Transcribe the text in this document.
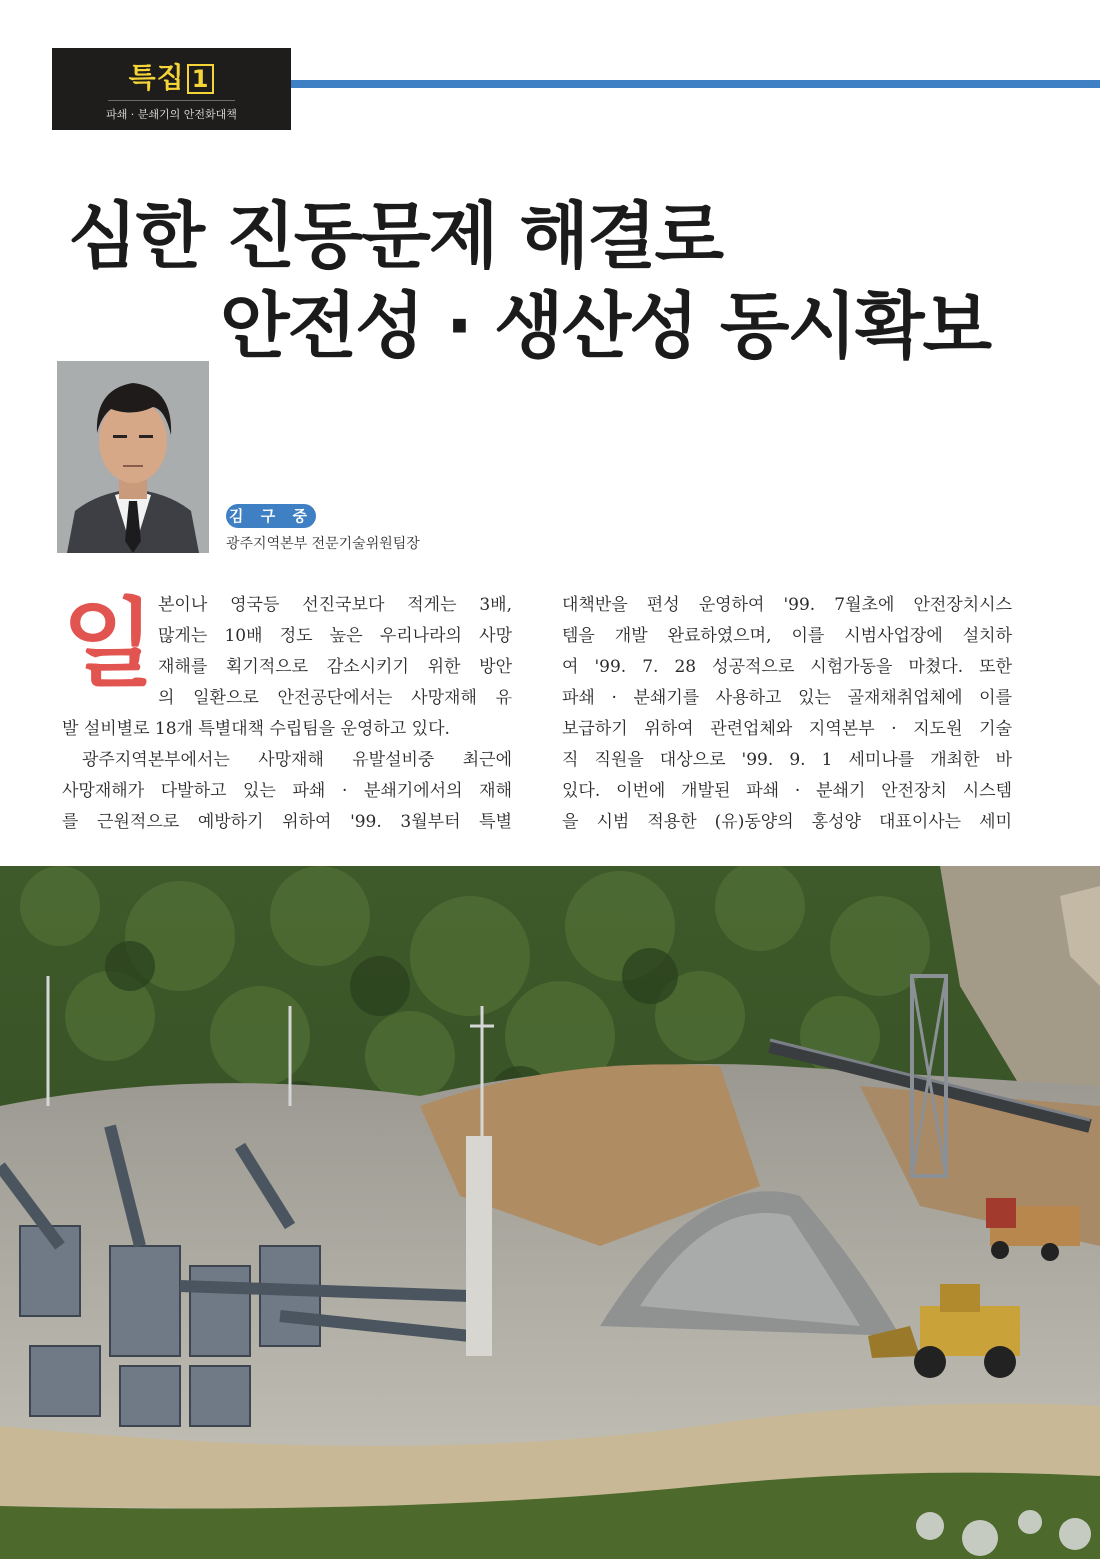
특집 1
파쇄 · 분쇄기의 안전화대책
심한 진동문제 해결로
안전성 · 생산성 동시확보
김 구 중
광주지역본부 전문기술위원팀장
일 본이나 영국등 선진국보다 적게는 3배,
많게는 10배 정도 높은 우리나라의 사망
재해를 획기적으로 감소시키기 위한 방안
의 일환으로 안전공단에서는 사망재해 유
발 설비별로 18개 특별대책 수립팀을 운영하고 있다.
광주지역본부에서는 사망재해 유발설비중 최근에
사망재해가 다발하고 있는 파쇄 · 분쇄기에서의 재해
를 근원적으로 예방하기 위하여 '99. 3월부터 특별
대책반을 편성 운영하여 '99. 7월초에 안전장치시스
템을 개발 완료하였으며, 이를 시범사업장에 설치하
여 '99. 7. 28 성공적으로 시험가동을 마쳤다. 또한
파쇄 · 분쇄기를 사용하고 있는 골재채취업체에 이를
보급하기 위하여 관련업체와 지역본부 · 지도원 기술
직 직원을 대상으로 '99. 9. 1 세미나를 개최한 바
있다. 이번에 개발된 파쇄 · 분쇄기 안전장치 시스템
을 시범 적용한 (유)동양의 홍성양 대표이사는 세미
